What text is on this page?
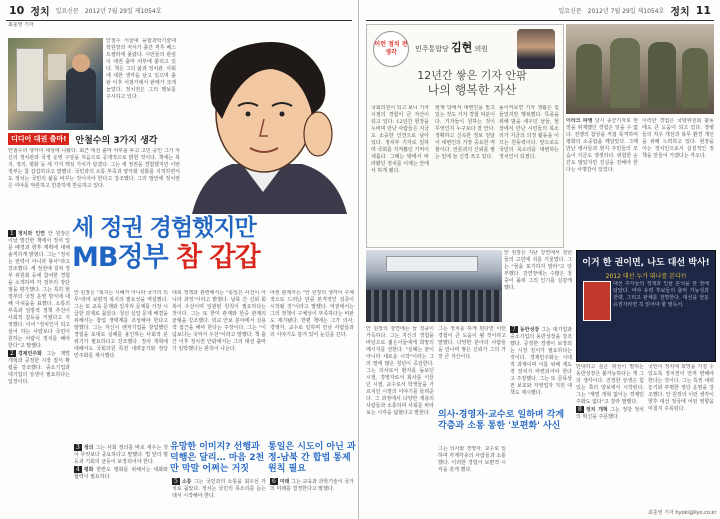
10 정치 일요신문 2012년 7월 29일 제1054호
최훈영 기자
안철수 서울대 융합과학기술대학원장의 저서가 출간 직후 베스트셀러에 올랐다. 시민들의 관심이 대권 출마 여부에 쏠리고 있다. 책은 그의 삶과 정치관, 사회에 대한 생각을 담고 있으며 출판 이후 서점가에서 판매가 크게 늘었다. 정치권은 그의 행보를 주시하고 있다.
디디어 대권 출마!	안철수의 3가지 생각
안철수의 생각이 세상에 나왔다. 최근 대선 출마 여부를 두고 고민 중인 그가 자신의 정치관과 국정 운영 구상을 처음으로 공개적으로 밝힌 것이다. 책에는 복지, 정의, 평화 등 세 가지 핵심 가치가 담겼다. 그는 세 정권을 경험했지만 이번 정부는 참 갑갑하다고 말했다. 국민과의 소통 부족과 양극화 심화를 지적하면서도 정치는 국민의 삶을 바꾸는 것이어야 한다고 강조했다. 그의 발언에 정치권은 여야를 막론하고 민감하게 반응하고 있다.
세 정권 경험했지만
MB정부 참 갑갑
1 정치와 인연 안 원장은 이날 발간한 책에서 정치 입문 배경과 향후 계획에 대해 솔직하게 밝혔다. 그는 "정치는 권력이 아니라 봉사"라고 강조했다. 세 정권에 걸쳐 정부 위원회 등에 참여한 경험을 소개하며 각 정부의 장단점을 평가했다. 그는 특히 현 정부의 국정 운영 방식에 대해 아쉬움을 표했다. 소통의 부족과 일방적 정책 추진이 사회적 갈등을 키웠다고 지적했다. 이어 "정치인이 되고 싶어 하는 사람보다 국민이 원하는 사람이 정치를 해야 한다"고 말했다.
2 경제민주화 그는 재벌 개혁과 공정한 시장 질서 확립을 강조했다. 중소기업과 대기업의 상생이 필요하다는 입장이다.
안 원장은 "복지는 시혜가 아니라 국가의 의무"라며 보편적 복지의 필요성을 역설했다. 그는 또 교육 문제와 일자리 문제를 가장 시급한 과제로 꼽았다. 청년 실업 문제 해결을 위해서는 창업 생태계를 조성해야 한다고 말했다. 그는 자신이 벤처기업을 창업했던 경험을 토대로 실패를 용인하는 사회적 분위기가 필요하다고 강조했다. 정치 개혁에 대해서도 국회의원 특권 내려놓기와 정당 민주화를 제시했다.
대북 정책과 관련해서는 "통일은 사건이 아니라 과정"이라고 밝혔다. 남북 간 신뢰 회복이 우선이며 일관된 원칙이 필요하다는 것이다. 그는 또 한미 관계와 한중 관계의 균형을 강조했다. 외교 안보 분야에서 실용적 접근을 해야 한다는 주장이다. 그는 "이념보다는 국익이 우선"이라고 말했다. 책 출간 이후 정치권 안팎에서는 그의 대선 출마가 임박했다는 관측이 나온다.
야권 관계자는 "안 원장의 생각이 구체적으로 드러난 만큼 본격적인 검증이 시작될 것"이라고 말했다. 여권에서는 그의 정책이 구체성이 부족하다는 비판도 제기됐다. 한편 책에는 그가 의사, 경영자, 교수로 일하며 만난 사람들과의 이야기도 담겨 있어 눈길을 끈다.
유망한 이미지? 선행과 덕행은 달리… 마음 2천만 막말 어쩌는 거짓
통일은 시도이 아닌 과정-남북 간 합법 통제 원칙 필요
3 정의 그는 사회 정의를 바로 세우는 것이 무엇보다 중요하다고 말했다. 법 앞의 평등과 기회의 균등이 보장되어야 한다.
4 평화 한반도 평화를 위해서는 대화와 협력이 필요하다.
5 소통 그는 국민과의 소통을 최우선 가치로 꼽았다. 정치는 국민의 목소리를 듣는 데서 시작해야 한다.
6 미래 그는 교육과 과학기술이 국가의 미래를 결정한다고 말했다.
일요신문 2012년 7월 29일 제1054호 정치 11
이런 정치 전 생각	민주통합당 김현 의원
12년간 쌓은 기자 안팎
나의 행복한 자산
국회의원이 되고 보니 기자 시절의 경험이 큰 자산이 되고 있다. 12년간 현장을 누비며 만난 사람들은 지금도 소중한 인연으로 남아 있다. 정치부 기자로 일하며 국회를 지켜봤던 기억이 새롭다. 그때는 밖에서 바라봤던 정치를 이제는 안에서 하게 됐다.
현재 당에서 대변인을 맡고 있는 것도 기자 경험 덕분이다. 기자들이 원하는 것이 무엇인지 누구보다 잘 안다. 정확하고 신속한 정보 전달이 대변인의 가장 중요한 역할이다. 언론과의 신뢰를 쌓는 일에 늘 신경 쓰고 있다.
돌이켜보면 기자 생활은 힘들었지만 행복했다. 특종을 위해 밤을 새우던 날들, 현장에서 만난 시민들의 목소리가 지금의 의정 활동을 이끄는 원동력이다. 앞으로도 국민의 목소리를 대변하는 정치인이 되겠다.
이라크 파병 당시 종군기자로 현장을 취재했던 경험은 잊을 수 없다. 전쟁의 참상을 직접 목격하며 평화의 소중함을 깨달았다. 그때 만난 병사들과 현지 주민들의 모습이 지금도 생생하다. 위험한 순간도 많았지만 진실을 전해야 한다는 사명감이 있었다.
이러한 경험은 국방위원회 활동에도 큰 도움이 되고 있다. 장병들의 처우 개선과 복무 환경 개선을 위해 노력하고 있다. 현장을 아는 정치인으로서 실질적인 정책을 만들어 가겠다는 각오다.
안 원장은 지난 강연에서 청년들의 고민에 귀를 기울였다. 그는 "꿈을 포기하지 말라"고 당부했다. 강연장에는 수많은 청중이 몰려 그의 인기를 실감케 했다.
이거 한 권이면, 나도 대선 박사!
2012 대선 누가 뛰나를 본다?!
대선 주자들의 정책과 인물 분석을 한 권에 담았다. 여야 유력 후보들의 출마 가능성과 전략, 그리고 판세를 전망한다. 대선을 앞둔 유권자라면 꼭 읽어야 할 필독서.
안 원장의 강연에는 늘 청중이 가득하다. 그는 자신의 경험을 바탕으로 젊은이들에게 희망의 메시지를 전한다. "실패는 끝이 아니라 새로운 시작"이라는 그의 말에 많은 청년이 공감한다. 그는 의사로서 환자를 돌보던 시절, 경영자로서 회사를 이끌던 시절, 교수로서 학생들을 가르치던 시절의 이야기를 들려준다. 그 과정에서 다양한 계층의 사람들과 소통하며 사회를 바라보는 시각을 넓혔다고 말한다.
그는 정치를 하게 된다면 이런 경험이 큰 도움이 될 것이라고 말했다. 다양한 분야의 사람들을 만나며 쌓은 신뢰가 그의 가장 큰 자산이다.
의사·경영자·교수로 일하며 각계각층과 소통 통한 '보편화' 사신
그는 의사와 경영자, 교수로 일하며 각계각층의 사람들과 소통했다. 이러한 경험이 보편적 시각을 갖게 했다.
7 동반성장 그는 대기업과 중소기업의 동반성장을 강조했다. 공정한 경쟁이 보장되는 시장 질서가 필요하다는 것이다. 경제민주화는 시대적 과제이며 이를 위해 제도적 장치가 마련되어야 한다고 주장했다. 그는 또 골목상권 보호와 자영업자 지원 대책도 제시했다.
반대하고 싶은 위성이 말하는 동반성장은 불가능하다는 게 그의 생각이다. 진정한 상생은 힘 있는 쪽의 양보에서 시작된다. 그는 "재벌 개혁 없이는 경제민주화도 없다"고 잘라 말했다.
8 정치 개혁 그는 정당 정치의 혁신을 주문했다.
국민이 정치에 희망을 가질 수 있도록 정치권이 먼저 변해야 한다는 것이다. 그는 특권 내려놓기와 투명한 정당 운영을 강조했다. 안 원장의 이런 생각이 향후 대선 정국에 어떤 영향을 미칠지 주목된다.
최훈영 기자 hyoki@ilyo.co.kr
